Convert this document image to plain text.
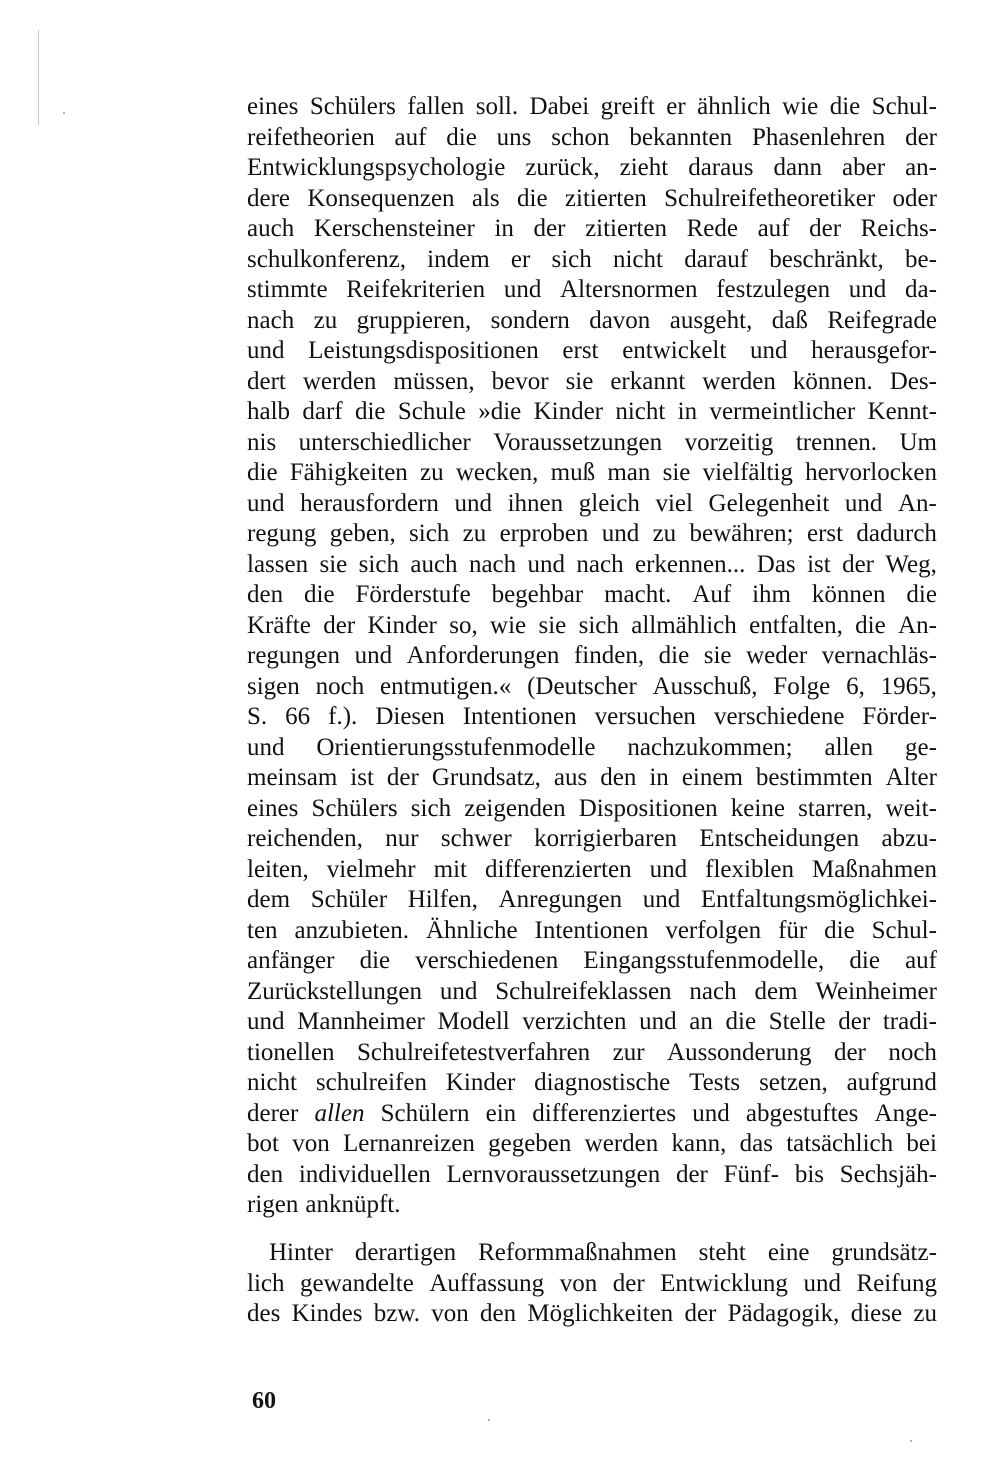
eines Schülers fallen soll. Dabei greift er ähnlich wie die Schul-
reifetheorien auf die uns schon bekannten Phasenlehren der
Entwicklungspsychologie zurück, zieht daraus dann aber an-
dere Konsequenzen als die zitierten Schulreifetheoretiker oder
auch Kerschensteiner in der zitierten Rede auf der Reichs-
schulkonferenz, indem er sich nicht darauf beschränkt, be-
stimmte Reifekriterien und Altersnormen festzulegen und da-
nach zu gruppieren, sondern davon ausgeht, daß Reifegrade
und Leistungsdispositionen erst entwickelt und herausgefor-
dert werden müssen, bevor sie erkannt werden können. Des-
halb darf die Schule »die Kinder nicht in vermeintlicher Kennt-
nis unterschiedlicher Voraussetzungen vorzeitig trennen. Um
die Fähigkeiten zu wecken, muß man sie vielfältig hervorlocken
und herausfordern und ihnen gleich viel Gelegenheit und An-
regung geben, sich zu erproben und zu bewähren; erst dadurch
lassen sie sich auch nach und nach erkennen... Das ist der Weg,
den die Förderstufe begehbar macht. Auf ihm können die
Kräfte der Kinder so, wie sie sich allmählich entfalten, die An-
regungen und Anforderungen finden, die sie weder vernachläs-
sigen noch entmutigen.« (Deutscher Ausschuß, Folge 6, 1965,
S. 66 f.). Diesen Intentionen versuchen verschiedene Förder-
und Orientierungsstufenmodelle nachzukommen; allen ge-
meinsam ist der Grundsatz, aus den in einem bestimmten Alter
eines Schülers sich zeigenden Dispositionen keine starren, weit-
reichenden, nur schwer korrigierbaren Entscheidungen abzu-
leiten, vielmehr mit differenzierten und flexiblen Maßnahmen
dem Schüler Hilfen, Anregungen und Entfaltungsmöglichkei-
ten anzubieten. Ähnliche Intentionen verfolgen für die Schul-
anfänger die verschiedenen Eingangsstufenmodelle, die auf
Zurückstellungen und Schulreifeklassen nach dem Weinheimer
und Mannheimer Modell verzichten und an die Stelle der tradi-
tionellen Schulreifetestverfahren zur Aussonderung der noch
nicht schulreifen Kinder diagnostische Tests setzen, aufgrund
derer allen Schülern ein differenziertes und abgestuftes Ange-
bot von Lernanreizen gegeben werden kann, das tatsächlich bei
den individuellen Lernvoraussetzungen der Fünf- bis Sechsjäh-
rigen anknüpft.
Hinter derartigen Reformmaßnahmen steht eine grundsätz-
lich gewandelte Auffassung von der Entwicklung und Reifung
des Kindes bzw. von den Möglichkeiten der Pädagogik, diese zu
60
